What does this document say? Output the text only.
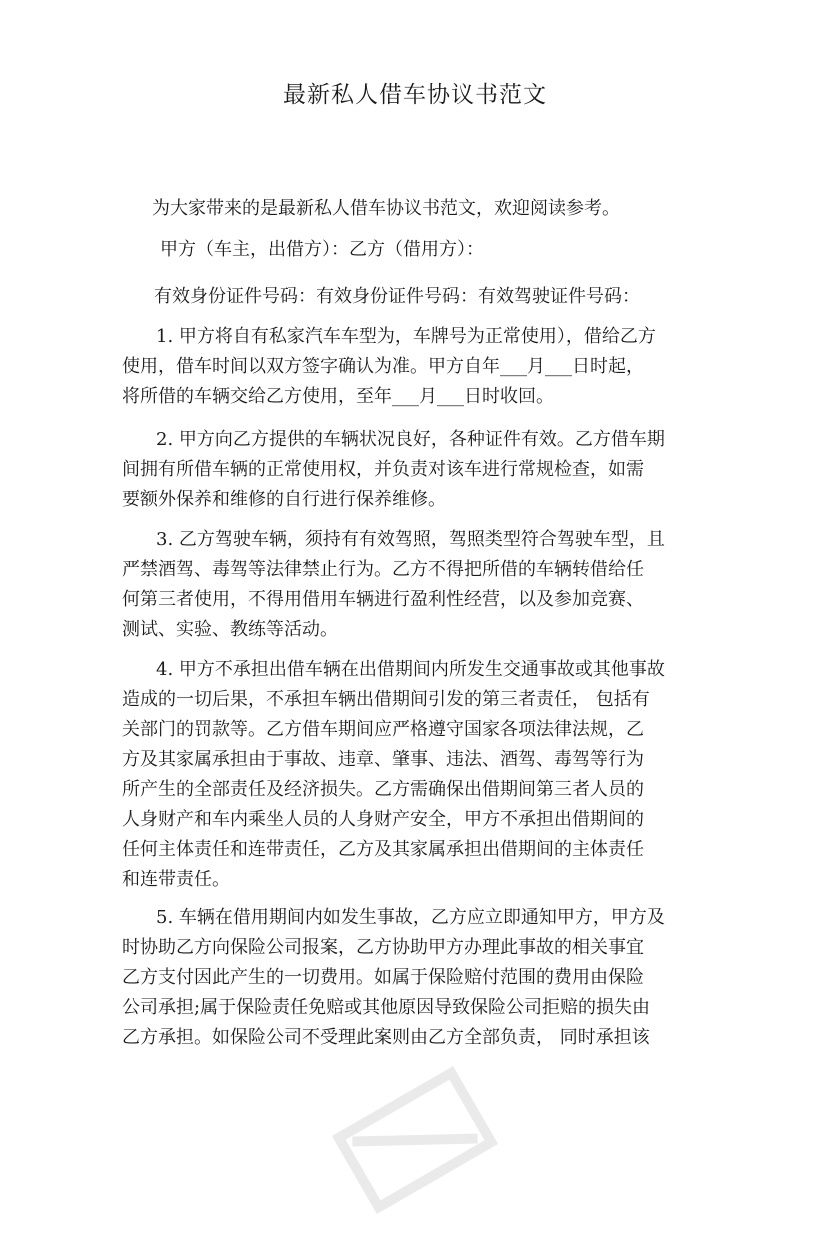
最新私人借车协议书范文
为大家带来的是最新私人借车协议书范文，欢迎阅读参考。
甲方（车主，出借方）：乙方（借用方）：
有效身份证件号码：有效身份证件号码：有效驾驶证件号码：
1. 甲方将自有私家汽车车型为，车牌号为正常使用），借给乙方
使用，借车时间以双方签字确认为准。甲方自年___月___日时起，
将所借的车辆交给乙方使用，至年___月___日时收回。
2. 甲方向乙方提供的车辆状况良好，各种证件有效。乙方借车期
间拥有所借车辆的正常使用权，并负责对该车进行常规检查，如需
要额外保养和维修的自行进行保养维修。
3. 乙方驾驶车辆，须持有有效驾照，驾照类型符合驾驶车型，且
严禁酒驾、毒驾等法律禁止行为。乙方不得把所借的车辆转借给任
何第三者使用，不得用借用车辆进行盈利性经营，以及参加竞赛、
测试、实验、教练等活动。
4. 甲方不承担出借车辆在出借期间内所发生交通事故或其他事故
造成的一切后果，不承担车辆出借期间引发的第三者责任， 包括有
关部门的罚款等。乙方借车期间应严格遵守国家各项法律法规，乙
方及其家属承担由于事故、违章、肇事、违法、酒驾、毒驾等行为
所产生的全部责任及经济损失。乙方需确保出借期间第三者人员的
人身财产和车内乘坐人员的人身财产安全，甲方不承担出借期间的
任何主体责任和连带责任，乙方及其家属承担出借期间的主体责任
和连带责任。
5. 车辆在借用期间内如发生事故，乙方应立即通知甲方，甲方及
时协助乙方向保险公司报案，乙方协助甲方办理此事故的相关事宜
乙方支付因此产生的一切费用。如属于保险赔付范围的费用由保险
公司承担;属于保险责任免赔或其他原因导致保险公司拒赔的损失由
乙方承担。如保险公司不受理此案则由乙方全部负责， 同时承担该
